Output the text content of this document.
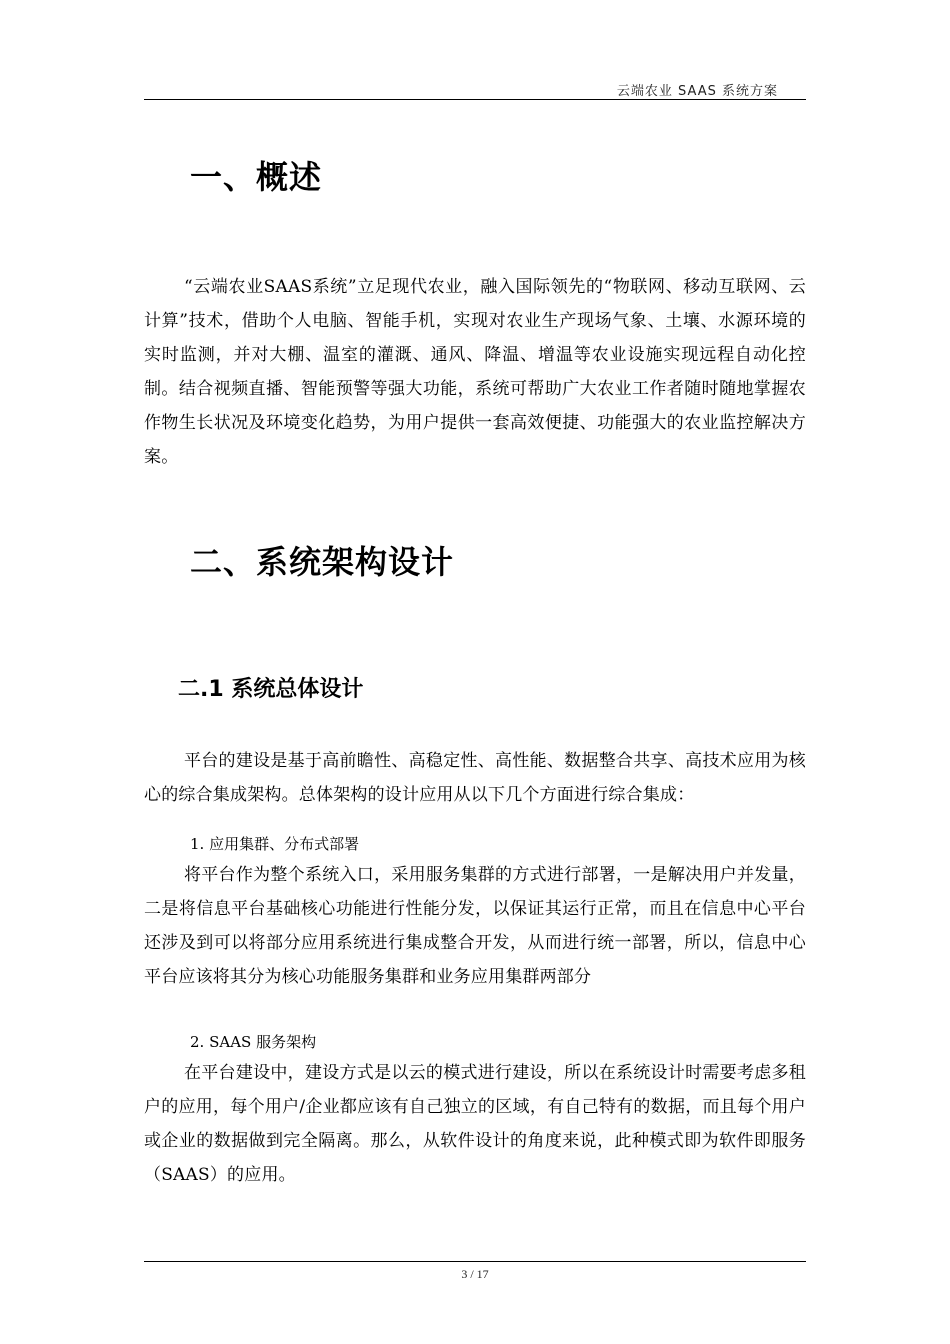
云端农业 SAAS 系统方案
一、概述

“云端农业SAAS系统”立足现代农业，融入国际领先的“物联网、移动互联网、云计算”技术，借助个人电脑、智能手机，实现对农业生产现场气象、土壤、水源环境的实时监测，并对大棚、温室的灌溉、通风、降温、增温等农业设施实现远程自动化控制。结合视频直播、智能预警等强大功能，系统可帮助广大农业工作者随时随地掌握农作物生长状况及环境变化趋势，为用户提供一套高效便捷、功能强大的农业监控解决方案。

二、系统架构设计
二.1 系统总体设计

平台的建设是基于高前瞻性、高稳定性、高性能、数据整合共享、高技术应用为核心的综合集成架构。总体架构的设计应用从以下几个方面进行综合集成：

1. 应用集群、分布式部署

将平台作为整个系统入口，采用服务集群的方式进行部署，一是解决用户并发量，二是将信息平台基础核心功能进行性能分发，以保证其运行正常，而且在信息中心平台还涉及到可以将部分应用系统进行集成整合开发，从而进行统一部署，所以，信息中心平台应该将其分为核心功能服务集群和业务应用集群两部分

2. SAAS 服务架构

在平台建设中，建设方式是以云的模式进行建设，所以在系统设计时需要考虑多租户的应用，每个用户/企业都应该有自己独立的区域，有自己特有的数据，而且每个用户或企业的数据做到完全隔离。那么，从软件设计的角度来说，此种模式即为软件即服务（SAAS）的应用。

3 / 17
